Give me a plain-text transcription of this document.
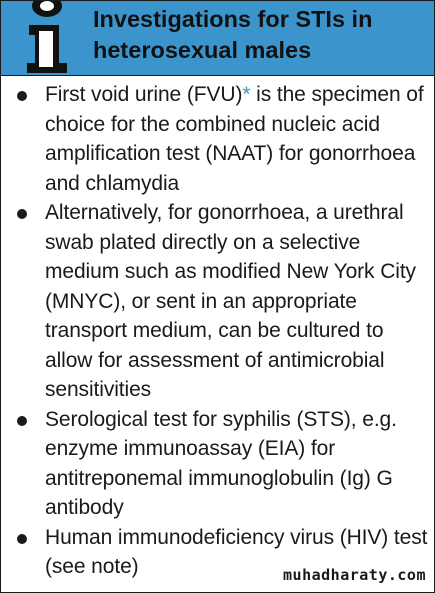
Investigations for STIs in
heterosexual males
First void urine (FVU)* is the specimen of choice for the combined nucleic acid amplification test (NAAT) for gonorrhoea and chlamydia
Alternatively, for gonorrhoea, a urethral swab plated directly on a selective medium such as modified New York City (MNYC), or sent in an appropriate transport medium, can be cultured to allow for assessment of antimicrobial sensitivities
Serological test for syphilis (STS), e.g. enzyme immunoassay (EIA) for antitreponemal immunoglobulin (Ig) G antibody
Human immunodeficiency virus (HIV) test (see note)	muhadharaty.com
